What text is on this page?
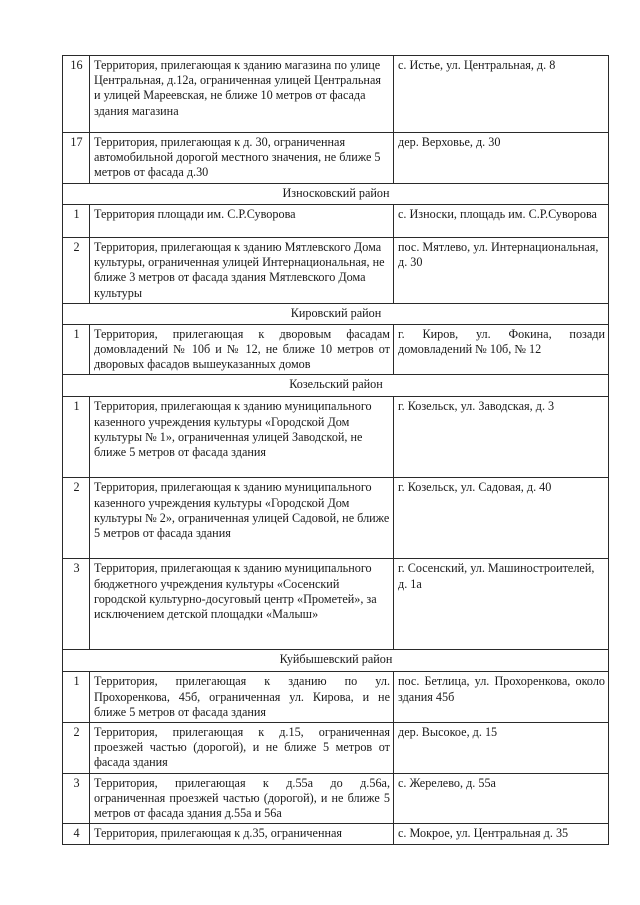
16	Территория, прилегающая к зданию магазина по улице Центральная, д.12а, ограниченная улицей Центральная и улицей Мареевская, не ближе 10 метров от фасада здания магазина	с. Истье, ул. Центральная, д. 8
17	Территория, прилегающая к д. 30, ограниченная автомобильной дорогой местного значения, не ближе 5 метров от фасада д.30	дер. Верховье, д. 30
Износковский район		
1	Территория площади им. С.Р.Суворова	с. Износки, площадь им. С.Р.Суворова
2	Территория, прилегающая к зданию Мятлевского Дома культуры, ограниченная улицей Интернациональная, не ближе 3 метров от фасада здания Мятлевского Дома культуры	пос. Мятлево, ул. Интернациональная, д. 30
Кировский район		
1	Территория, прилегающая к дворовым фасадам домовладений № 10б и № 12, не ближе 10 метров от дворовых фасадов вышеуказанных домов	г. Киров, ул. Фокина, позади домовладений № 10б, № 12
Козельский район		
1	Территория, прилегающая к зданию муниципального казенного учреждения культуры «Городской Дом культуры № 1», ограниченная улицей Заводской, не ближе 5 метров от фасада здания	г. Козельск, ул. Заводская, д. 3
2	Территория, прилегающая к зданию муниципального казенного учреждения культуры «Городской Дом культуры № 2», ограниченная улицей Садовой, не ближе 5 метров от фасада здания	г. Козельск, ул. Садовая, д. 40
3	Территория, прилегающая к зданию муниципального бюджетного учреждения культуры «Сосенский городской культурно-досуговый центр «Прометей», за исключением детской площадки «Малыш»	г. Сосенский, ул. Машиностроителей, д. 1а
Куйбышевский район		
1	Территория, прилегающая к зданию по ул. Прохоренкова, 45б, ограниченная ул. Кирова, и не ближе 5 метров от фасада здания	пос. Бетлица, ул. Прохоренкова, около здания 45б
2	Территория, прилегающая к д.15, ограниченная проезжей частью (дорогой), и не ближе 5 метров от фасада здания	дер. Высокое, д. 15
3	Территория, прилегающая к д.55а до д.56а, ограниченная проезжей частью (дорогой), и не ближе 5 метров от фасада здания д.55а и 56а	с. Жерелево, д. 55а
4	Территория, прилегающая к д.35, ограниченная	с. Мокрое, ул. Центральная д. 35
